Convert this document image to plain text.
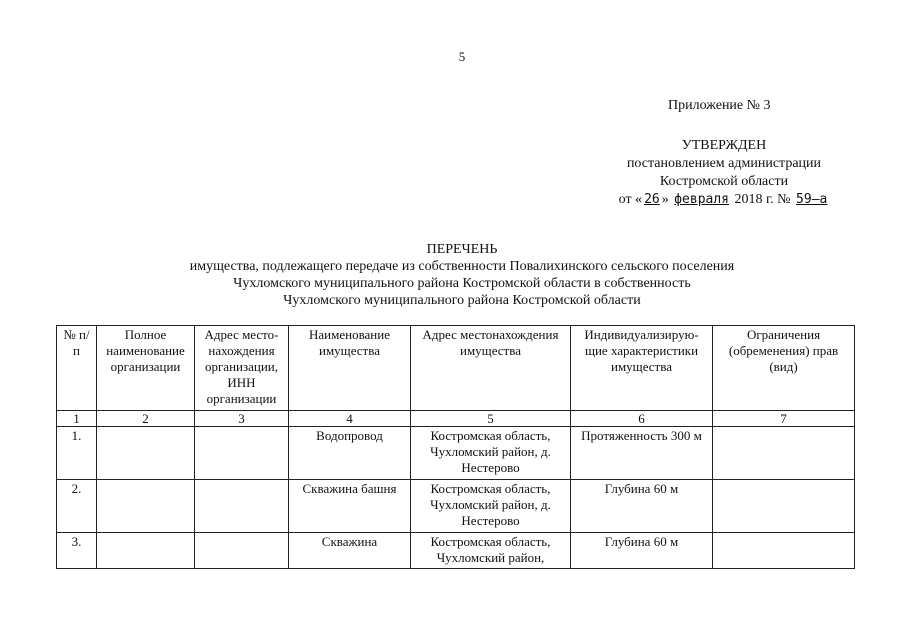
5
Приложение № 3
УТВЕРЖДЕН
постановлением администрации
Костромской области
от « 26 » февраля 2018 г. № 59–а
ПЕРЕЧЕНЬ
имущества, подлежащего передаче из собственности Повалихинского сельского поселения
Чухломского муниципального района Костромской области в собственность
Чухломского муниципального района Костромской области
№ п/п	Полное наименование организации	Адрес место-нахождения организации, ИНН организации	Наименование имущества	Адрес местонахождения имущества	Индивидуализирую-щие характеристики имущества	Ограничения (обременения) прав (вид)
1	2	3	4	5	6	7
1.			Водопровод	Костромская область, Чухломский район, д. Нестерово	Протяженность 300 м	
2.			Скважина башня	Костромская область, Чухломский район, д. Нестерово	Глубина 60 м	
3.			Скважина	Костромская область, Чухломский район,	Глубина 60 м	
